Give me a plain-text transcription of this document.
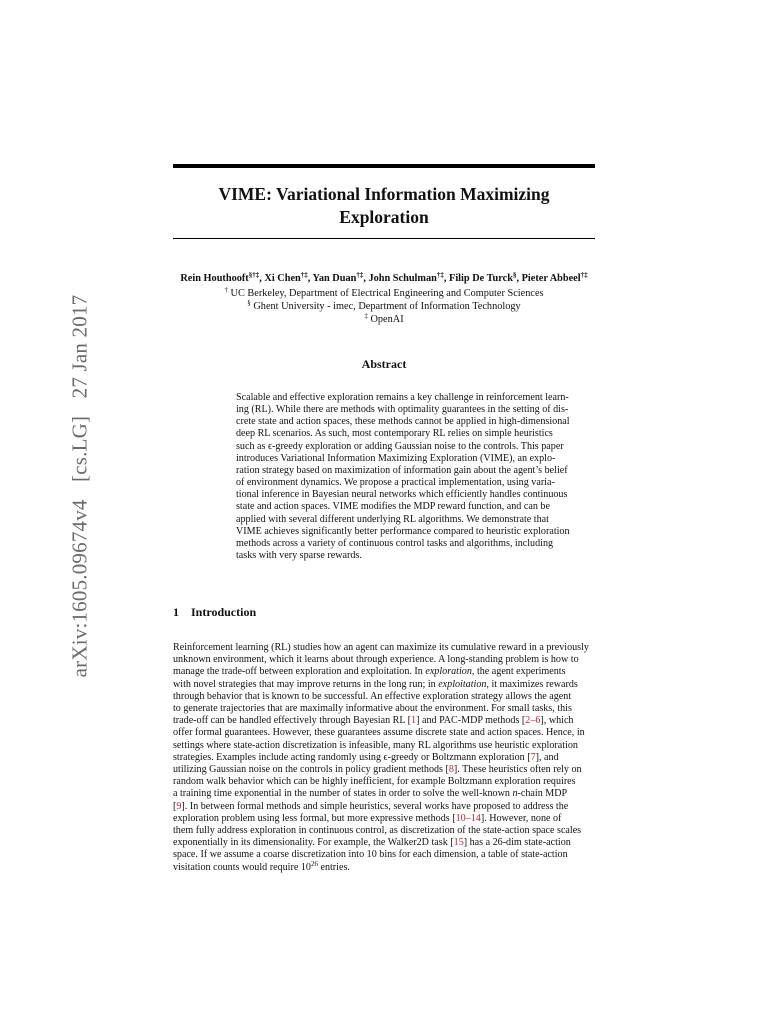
arXiv:1605.09674v4 [cs.LG] 27 Jan 2017
VIME: Variational Information Maximizing
Exploration
Rein Houthooft§†‡, Xi Chen†‡, Yan Duan†‡, John Schulman†‡, Filip De Turck§, Pieter Abbeel†‡
† UC Berkeley, Department of Electrical Engineering and Computer Sciences
§ Ghent University - imec, Department of Information Technology
‡ OpenAI
Abstract
Scalable and effective exploration remains a key challenge in reinforcement learn-
ing (RL). While there are methods with optimality guarantees in the setting of dis-
crete state and action spaces, these methods cannot be applied in high-dimensional
deep RL scenarios. As such, most contemporary RL relies on simple heuristics
such as ϵ-greedy exploration or adding Gaussian noise to the controls. This paper
introduces Variational Information Maximizing Exploration (VIME), an explo-
ration strategy based on maximization of information gain about the agent’s belief
of environment dynamics. We propose a practical implementation, using varia-
tional inference in Bayesian neural networks which efficiently handles continuous
state and action spaces. VIME modifies the MDP reward function, and can be
applied with several different underlying RL algorithms. We demonstrate that
VIME achieves significantly better performance compared to heuristic exploration
methods across a variety of continuous control tasks and algorithms, including
tasks with very sparse rewards.
1 Introduction
Reinforcement learning (RL) studies how an agent can maximize its cumulative reward in a previously
unknown environment, which it learns about through experience. A long-standing problem is how to
manage the trade-off between exploration and exploitation. In exploration, the agent experiments
with novel strategies that may improve returns in the long run; in exploitation, it maximizes rewards
through behavior that is known to be successful. An effective exploration strategy allows the agent
to generate trajectories that are maximally informative about the environment. For small tasks, this
trade-off can be handled effectively through Bayesian RL [1] and PAC-MDP methods [2–6], which
offer formal guarantees. However, these guarantees assume discrete state and action spaces. Hence, in
settings where state-action discretization is infeasible, many RL algorithms use heuristic exploration
strategies. Examples include acting randomly using ϵ-greedy or Boltzmann exploration [7], and
utilizing Gaussian noise on the controls in policy gradient methods [8]. These heuristics often rely on
random walk behavior which can be highly inefficient, for example Boltzmann exploration requires
a training time exponential in the number of states in order to solve the well-known n-chain MDP
[9]. In between formal methods and simple heuristics, several works have proposed to address the
exploration problem using less formal, but more expressive methods [10–14]. However, none of
them fully address exploration in continuous control, as discretization of the state-action space scales
exponentially in its dimensionality. For example, the Walker2D task [15] has a 26-dim state-action
space. If we assume a coarse discretization into 10 bins for each dimension, a table of state-action
visitation counts would require $10^{26}$ entries.
